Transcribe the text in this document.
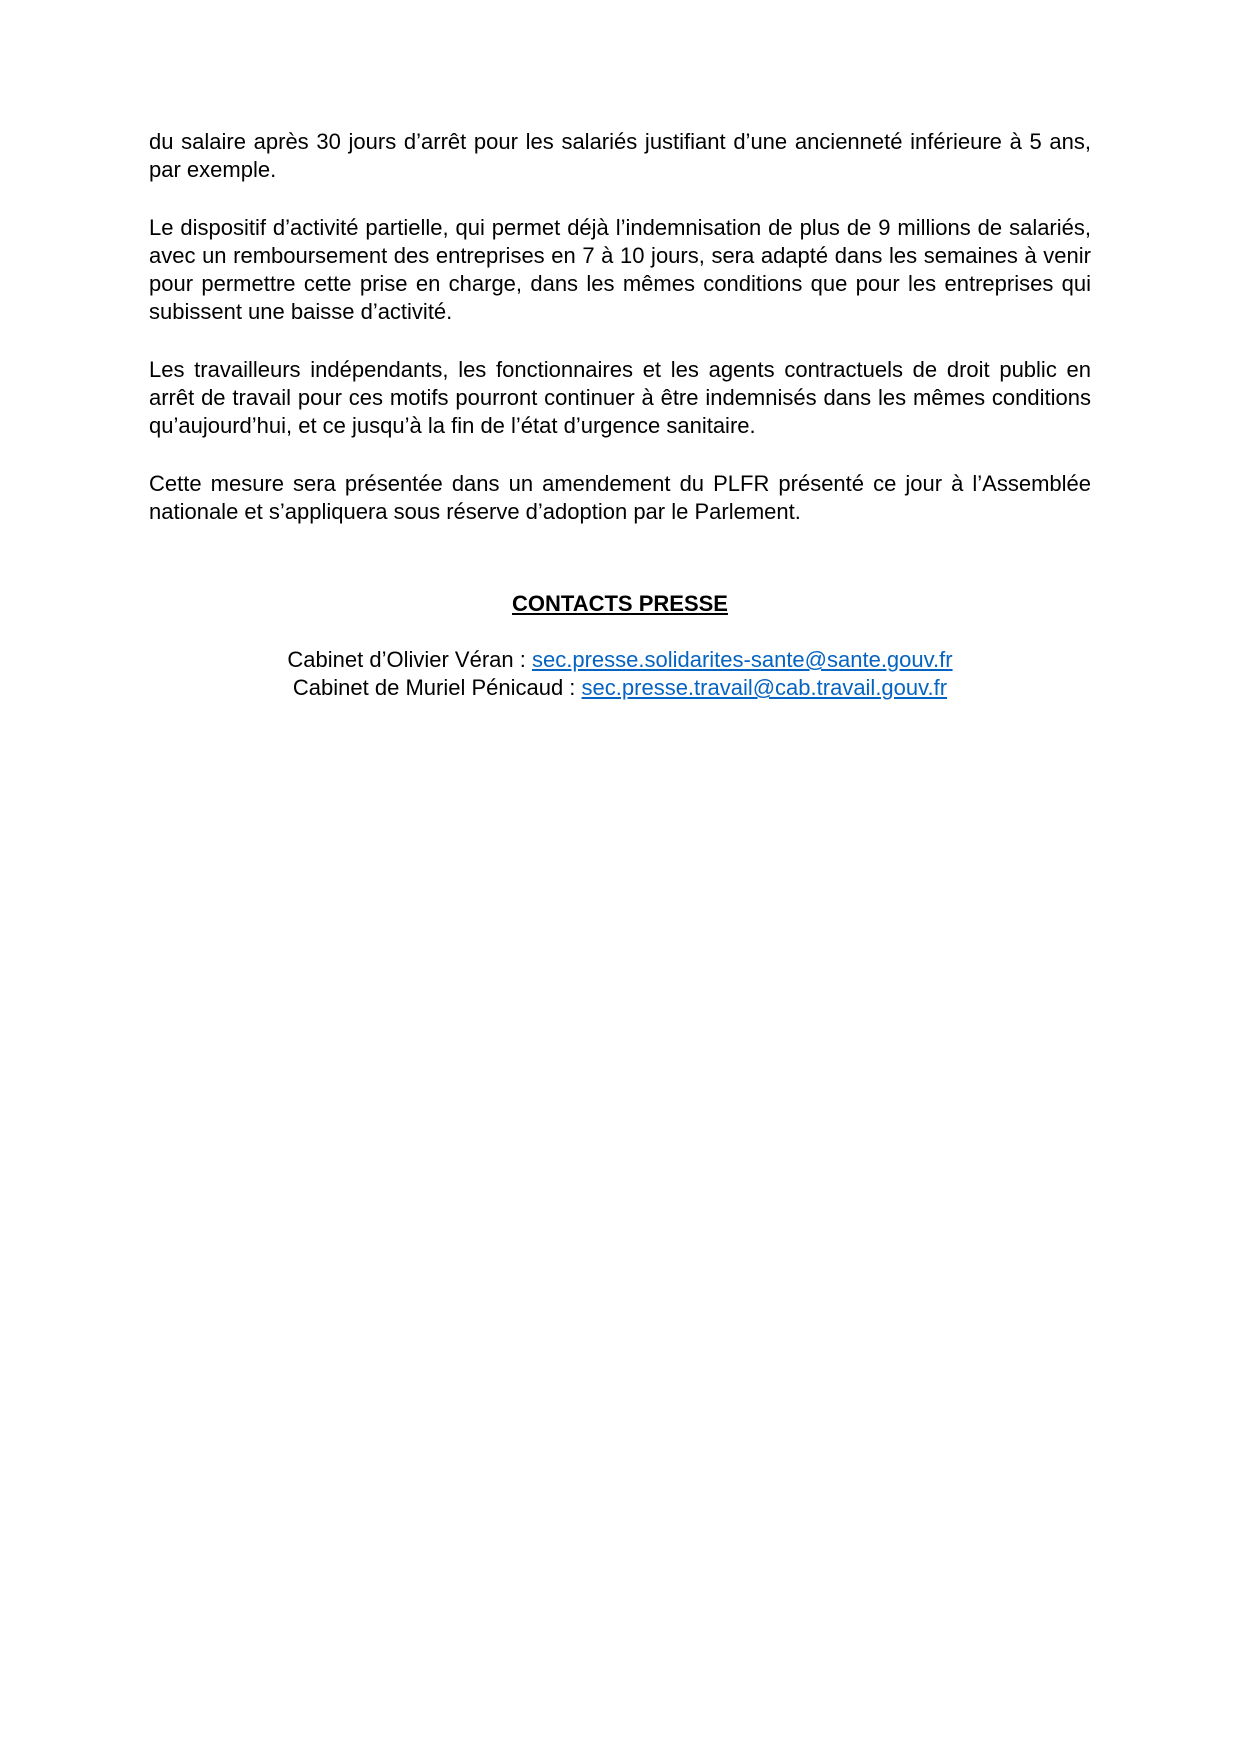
du salaire après 30 jours d’arrêt pour les salariés justifiant d’une ancienneté inférieure à 5 ans, par exemple.

Le dispositif d’activité partielle, qui permet déjà l’indemnisation de plus de 9 millions de salariés, avec un remboursement des entreprises en 7 à 10 jours, sera adapté dans les semaines à venir pour permettre cette prise en charge, dans les mêmes conditions que pour les entreprises qui subissent une baisse d’activité.

Les travailleurs indépendants, les fonctionnaires et les agents contractuels de droit public en arrêt de travail pour ces motifs pourront continuer à être indemnisés dans les mêmes conditions qu’aujourd’hui, et ce jusqu’à la fin de l’état d’urgence sanitaire.

Cette mesure sera présentée dans un amendement du PLFR présenté ce jour à l’Assemblée nationale et s’appliquera sous réserve d’adoption par le Parlement.

CONTACTS PRESSE

Cabinet d’Olivier Véran : sec.presse.solidarites-sante@sante.gouv.fr

Cabinet de Muriel Pénicaud : sec.presse.travail@cab.travail.gouv.fr
